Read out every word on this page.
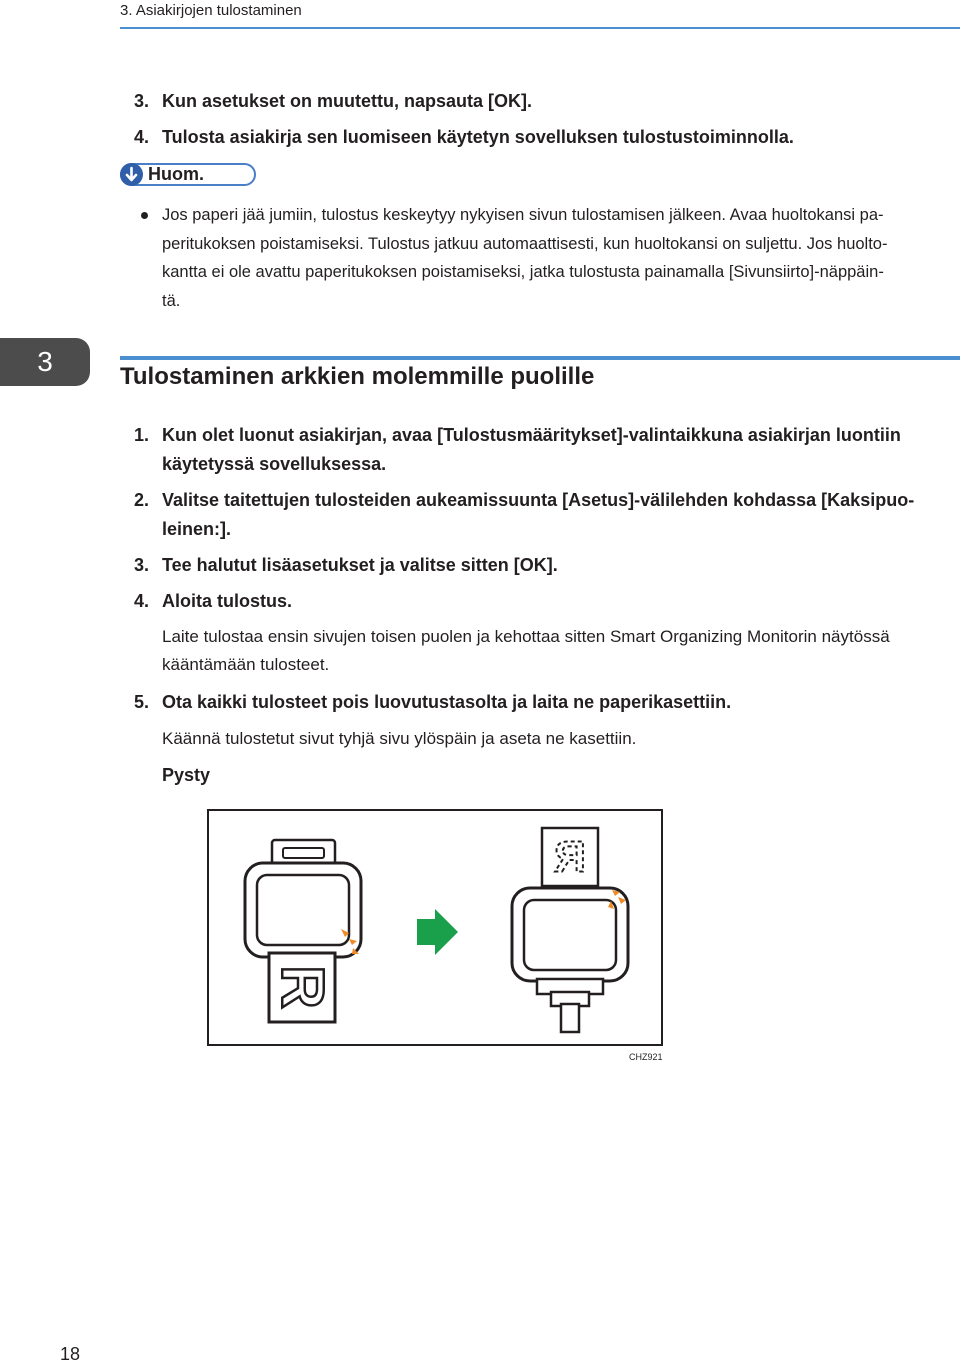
3. Asiakirjojen tulostaminen
3. Kun asetukset on muutettu, napsauta [OK].
4. Tulosta asiakirja sen luomiseen käytetyn sovelluksen tulostustoiminnolla.
Huom.
Jos paperi jää jumiin, tulostus keskeytyy nykyisen sivun tulostamisen jälkeen. Avaa huoltokansi pa-
peritukoksen poistamiseksi. Tulostus jatkuu automaattisesti, kun huoltokansi on suljettu. Jos huolto-
kantta ei ole avattu paperitukoksen poistamiseksi, jatka tulostusta painamalla [Sivunsiirto]-näppäin-
tä.
3	Tulostaminen arkkien molemmille puolille
1. Kun olet luonut asiakirjan, avaa [Tulostusmääritykset]-valintaikkuna asiakirjan luontiin
käytetyssä sovelluksessa.
2. Valitse taitettujen tulosteiden aukeamissuunta [Asetus]-välilehden kohdassa [Kaksipuo-
leinen:].
3. Tee halutut lisäasetukset ja valitse sitten [OK].
4. Aloita tulostus.
Laite tulostaa ensin sivujen toisen puolen ja kehottaa sitten Smart Organizing Monitorin näytössä
kääntämään tulosteet.
5. Ota kaikki tulosteet pois luovutustasolta ja laita ne paperikasettiin.
Käännä tulostetut sivut tyhjä sivu ylöspäin ja aseta ne kasettiin.
Pysty
R
R
CHZ921
18
